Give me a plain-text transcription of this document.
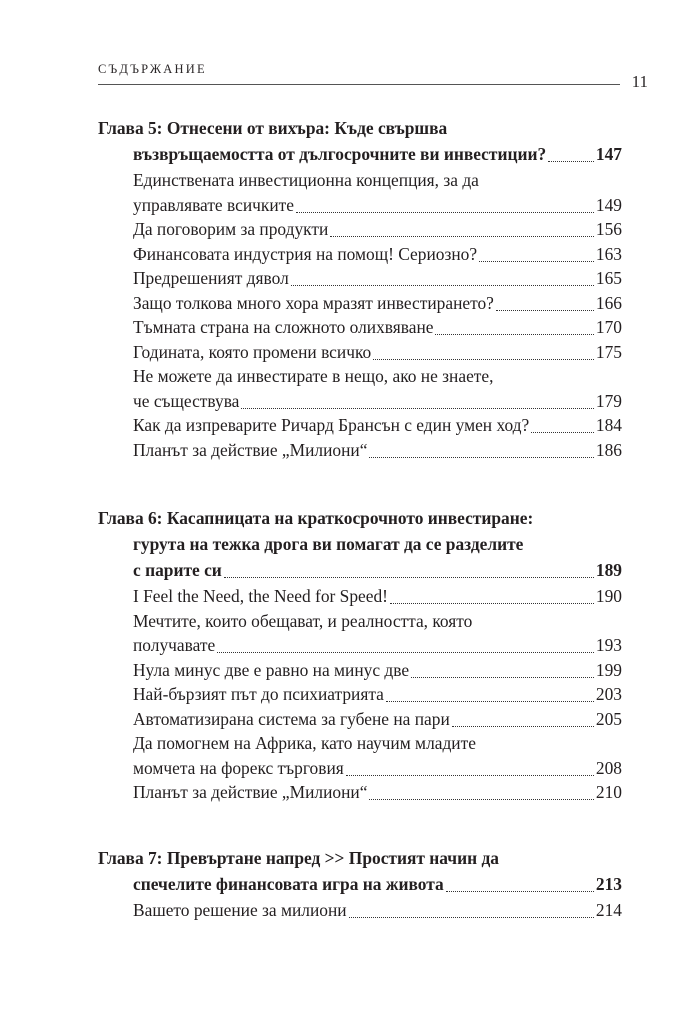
СЪДЪРЖАНИЕ
11
Глава 5: Отнесени от вихъра: Къде свършва
възвръщаемостта от дългосрочните ви инвестиции?	147
Единствената инвестиционна концепция, за да
управлявате всичките	149
Да поговорим за продукти	156
Финансовата индустрия на помощ! Сериозно?	163
Предрешеният дявол	165
Защо толкова много хора мразят инвестирането?	166
Тъмната страна на сложното олихвяване	170
Годината, която промени всичко	175
Не можете да инвестирате в нещо, ако не знаете,
че съществува	179
Как да изпреварите Ричард Брансън с един умен ход?	184
Планът за действие „Милиони“	186
Глава 6: Касапницата на краткосрочното инвестиране:
гурута на тежка дрога ви помагат да се разделите
с парите си	189
I Feel the Need, the Need for Speed!	190
Мечтите, които обещават, и реалността, която
получавате	193
Нула минус две е равно на минус две	199
Най-бързият път до психиатрията	203
Автоматизирана система за губене на пари	205
Да помогнем на Африка, като научим младите
момчета на форекс търговия	208
Планът за действие „Милиони“	210
Глава 7: Превъртане напред >> Простият начин да
спечелите финансовата игра на живота	213
Вашето решение за милиони	214
